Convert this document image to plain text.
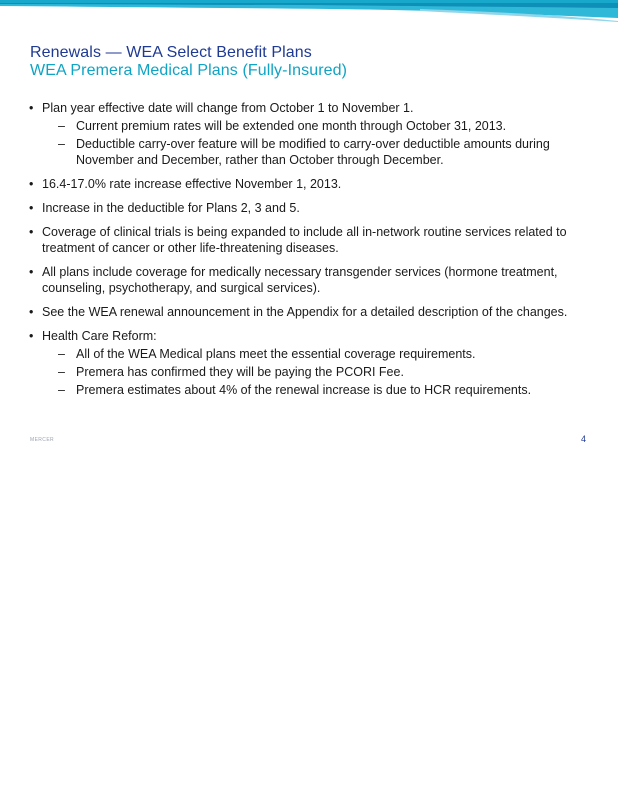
Renewals — WEA Select Benefit Plans
WEA Premera Medical Plans (Fully-Insured)
• Plan year effective date will change from October 1 to November 1.
– Current premium rates will be extended one month through October 31, 2013.
– Deductible carry-over feature will be modified to carry-over deductible amounts during November and December, rather than October through December.
• 16.4-17.0% rate increase effective November 1, 2013.
• Increase in the deductible for Plans 2, 3 and 5.
• Coverage of clinical trials is being expanded to include all in-network routine services related to treatment of cancer or other life-threatening diseases.
• All plans include coverage for medically necessary transgender services (hormone treatment, counseling, psychotherapy, and surgical services).
• See the WEA renewal announcement in the Appendix for a detailed description of the changes.
• Health Care Reform:
– All of the WEA Medical plans meet the essential coverage requirements.
– Premera has confirmed they will be paying the PCORI Fee.
– Premera estimates about 4% of the renewal increase is due to HCR requirements.
MERCER	4
